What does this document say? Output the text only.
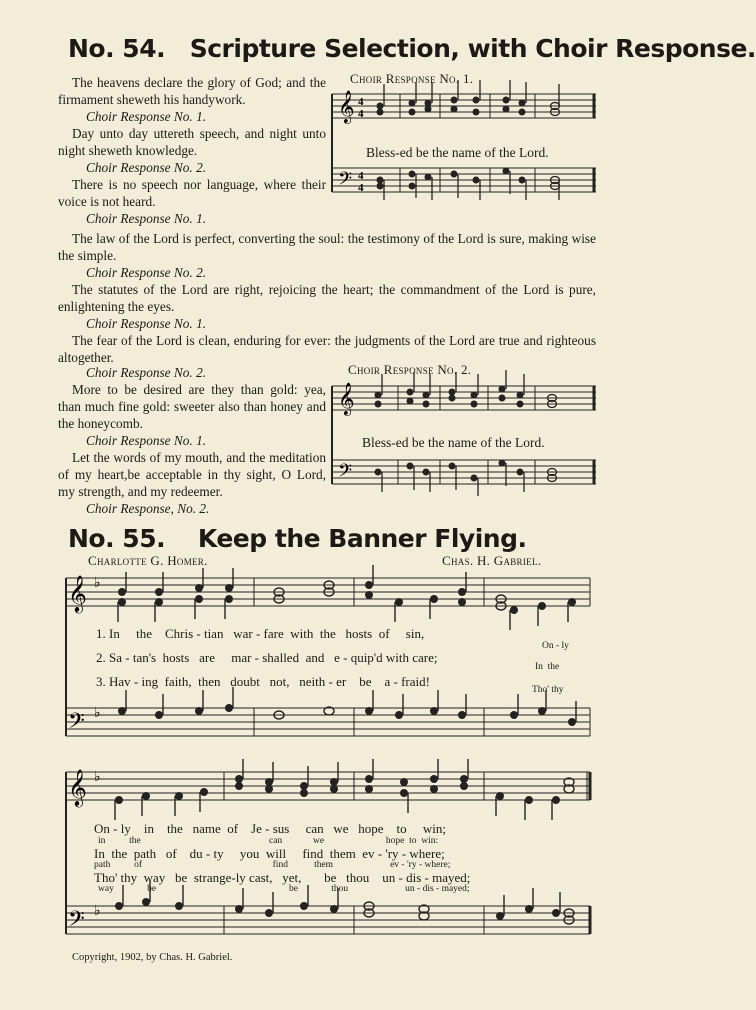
No. 54. Scripture Selection, with Choir Response.
The heavens declare the glory of God; and the firmament sheweth his handywork.
Choir Response No. 1.
Day unto day uttereth speech, and night unto night sheweth knowledge.
Choir Response No. 2.
There is no speech nor language, where their voice is not heard.
Choir Response No. 1.
The law of the Lord is perfect, converting the soul: the testimony of the Lord is sure, making wise the simple.
Choir Response No. 2.
The statutes of the Lord are right, rejoicing the heart; the commandment of the Lord is pure, enlightening the eyes.
Choir Response No. 1.
The fear of the Lord is clean, enduring for ever: the judgments of the Lord are true and righteous altogether.
Choir Response No. 2.
More to be desired are they than gold: yea, than much fine gold: sweeter also than honey and the honeycomb.
Choir Response No. 1.
Let the words of my mouth, and the meditation of my heart,be acceptable in thy sight, O Lord, my strength, and my redeemer.
Choir Response, No. 2.
Choir Response No. 1.
𝄞
𝄢
4
4
4
4
Bless-ed be the name of the Lord.
Choir Response No. 2.
𝄞
𝄢
Bless-ed be the name of the Lord.
No. 55. Keep the Banner Flying.
Charlotte G. Homer.	Chas. H. Gabriel.
𝄞
𝄢
♭
♭
1. In     the    Chris - tian   war - fare  with  the   hosts  of     sin,
2. Sa - tan's  hosts   are     mar - shalled  and   e - quip'd with care;
3. Hav - ing  faith,  then   doubt   not,   neith - er    be    a - fraid!
On - ly
In  the
Tho' thy
𝄞
𝄢
♭
♭
On - ly    in    the   name  of    Je - sus     can   we   hope    to     win;
in          the                                                      can             we                          hope  to  win:
In  the  path   of    du - ty     you  will     find  them  ev - 'ry - where;
path          of                                                       find           them                        ev - 'ry - where;
Tho' thy  way   be  strange-ly cast,   yet,       be   thou    un - dis - mayed;
way              be                                                        be              thou                        un - dis - mayed;
Copyright, 1902, by Chas. H. Gabriel.
